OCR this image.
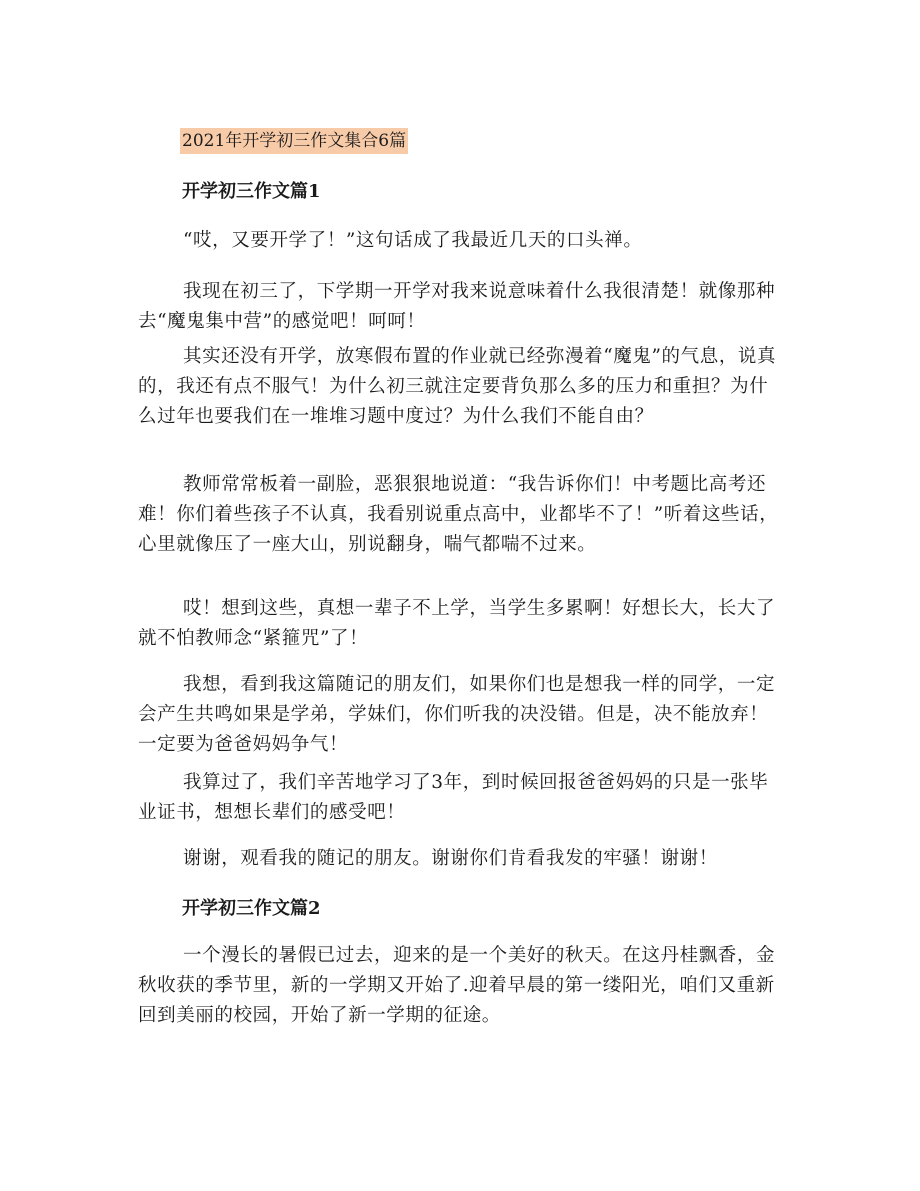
2021年开学初三作文集合6篇
开学初三作文篇1

“哎，又要开学了！”这句话成了我最近几天的口头禅。

我现在初三了，下学期一开学对我来说意味着什么我很清楚！就像那种去“魔鬼集中营”的感觉吧！呵呵！

其实还没有开学，放寒假布置的作业就已经弥漫着“魔鬼”的气息，说真的，我还有点不服气！为什么初三就注定要背负那么多的压力和重担？为什么过年也要我们在一堆堆习题中度过？为什么我们不能自由？

教师常常板着一副脸，恶狠狠地说道：“我告诉你们！中考题比高考还难！你们着些孩子不认真，我看别说重点高中，业都毕不了！”听着这些话，心里就像压了一座大山，别说翻身，喘气都喘不过来。

哎！想到这些，真想一辈子不上学，当学生多累啊！好想长大，长大了就不怕教师念“紧箍咒”了！

我想，看到我这篇随记的朋友们，如果你们也是想我一样的同学，一定会产生共鸣如果是学弟，学妹们，你们听我的决没错。但是，决不能放弃！一定要为爸爸妈妈争气！

我算过了，我们辛苦地学习了3年，到时候回报爸爸妈妈的只是一张毕业证书，想想长辈们的感受吧！

谢谢，观看我的随记的朋友。谢谢你们肯看我发的牢骚！谢谢！

开学初三作文篇2

一个漫长的暑假已过去，迎来的是一个美好的秋天。在这丹桂飘香，金秋收获的季节里，新的一学期又开始了.迎着早晨的第一缕阳光，咱们又重新回到美丽的校园，开始了新一学期的征途。
